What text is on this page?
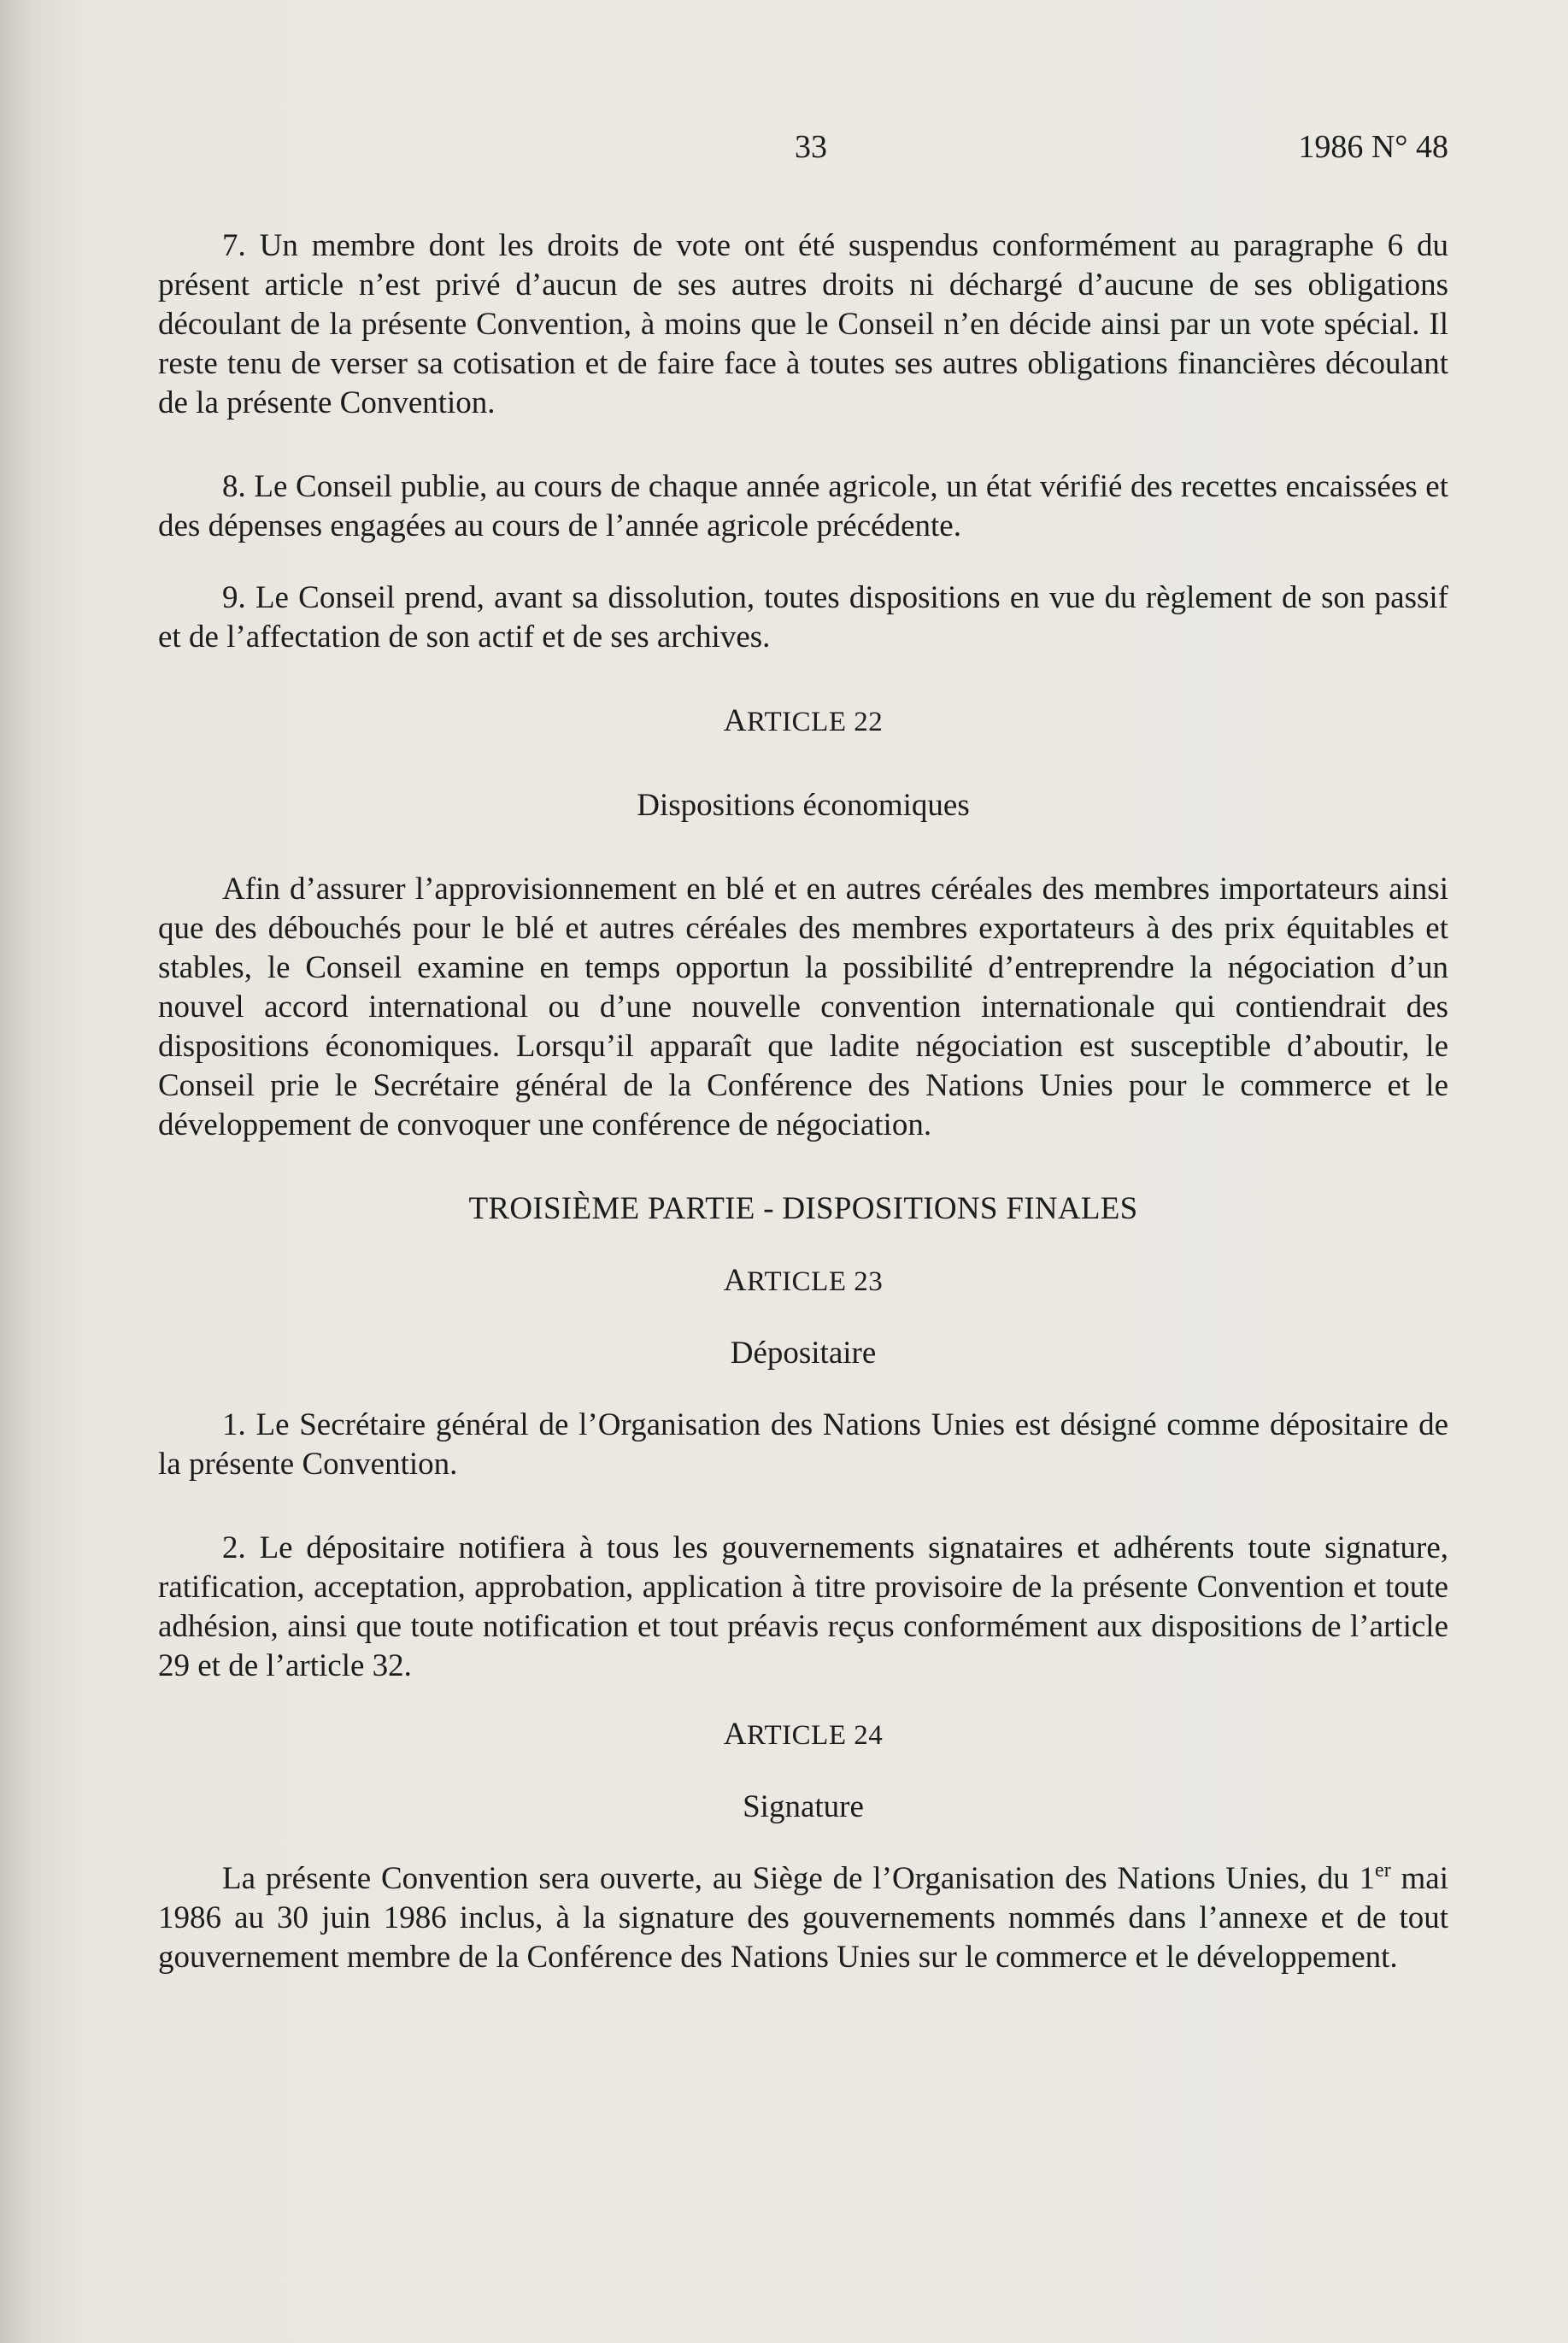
33	1986 N° 48

7. Un membre dont les droits de vote ont été suspendus conformément au paragraphe 6 du présent article n’est privé d’aucun de ses autres droits ni déchargé d’aucune de ses obligations découlant de la présente Convention, à moins que le Conseil n’en décide ainsi par un vote spécial. Il reste tenu de verser sa cotisation et de faire face à toutes ses autres obligations financières découlant de la présente Convention.

8. Le Conseil publie, au cours de chaque année agricole, un état vérifié des recettes encaissées et des dépenses engagées au cours de l’année agricole précédente.

9. Le Conseil prend, avant sa dissolution, toutes dispositions en vue du règlement de son passif et de l’affectation de son actif et de ses archives.

ARTICLE 22

Dispositions économiques

Afin d’assurer l’approvisionnement en blé et en autres céréales des membres importateurs ainsi que des débouchés pour le blé et autres céréales des membres exportateurs à des prix équitables et stables, le Conseil examine en temps opportun la possibilité d’entreprendre la négociation d’un nouvel accord international ou d’une nouvelle convention internationale qui contiendrait des dispositions économiques. Lorsqu’il apparaît que ladite négociation est susceptible d’aboutir, le Conseil prie le Secrétaire général de la Conférence des Nations Unies pour le commerce et le développement de convoquer une conférence de négociation.

TROISIÈME PARTIE - DISPOSITIONS FINALES

ARTICLE 23

Dépositaire

1. Le Secrétaire général de l’Organisation des Nations Unies est désigné comme dépositaire de la présente Convention.

2. Le dépositaire notifiera à tous les gouvernements signataires et adhérents toute signature, ratification, acceptation, approbation, application à titre provisoire de la présente Convention et toute adhésion, ainsi que toute notification et tout préavis reçus conformément aux dispositions de l’article 29 et de l’article 32.

ARTICLE 24

Signature

La présente Convention sera ouverte, au Siège de l’Organisation des Nations Unies, du 1er mai 1986 au 30 juin 1986 inclus, à la signature des gouvernements nommés dans l’annexe et de tout gouvernement membre de la Conférence des Nations Unies sur le commerce et le développement.
